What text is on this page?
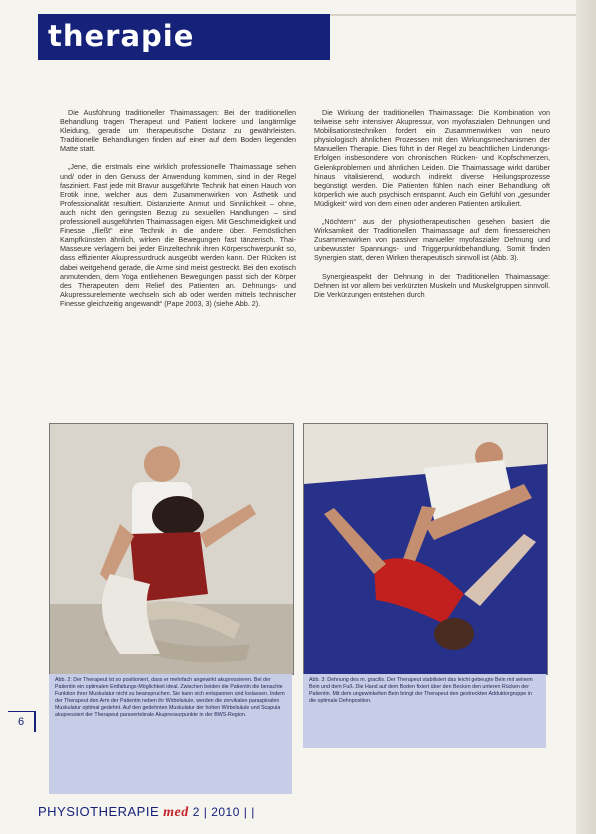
therapie

Die Ausführung traditioneller Thaimassagen: Bei der traditionellen Behandlung tragen Therapeut und Patient lockere und langärmlige Kleidung, gerade um therapeutische Distanz zu gewährleisten. Traditionelle Behandlungen finden auf einer auf dem Boden liegenden Matte statt.

„Jene, die erstmals eine wirklich professionelle Thaimassage sehen und/ oder in den Genuss der Anwendung kommen, sind in der Regel fasziniert. Fast jede mit Bravur ausgeführte Technik hat einen Hauch von Erotik inne, welcher aus dem Zusammenwirken von Ästhetik und Professionalität resultiert. Distanzierte Anmut und Sinnlichkeit – ohne, auch nicht den geringsten Bezug zu sexuellen Handlungen – sind professionell ausgeführten Thaimassagen eigen. Mit Geschmeidigkeit und Finesse „fließt“ eine Technik in die andere über. Fernöstlichen Kampfkünsten ähnlich, wirken die Bewegungen fast tänzerisch. Thai-Masseure verlagern bei jeder Einzeltechnik ihren Körperschwerpunkt so, dass effizienter Akupressurdruck ausgeübt werden kann. Der Rücken ist dabei weitgehend gerade, die Arme sind meist gestreckt. Bei den exotisch anmutenden, dem Yoga entliehenen Bewegungen passt sich der Körper des Therapeuten dem Relief des Patienten an. Dehnungs- und Akupressurelemente wechseln sich ab oder werden mittels technischer Finesse gleichzeitig angewandt“ (Pape 2003, 3) (siehe Abb. 2).

Die Wirkung der traditionellen Thaimassage: Die Kombination von teilweise sehr intensiver Akupressur, von myofaszialen Dehnungen und Mobilisationstechniken fordert ein Zusammenwirken von neuro physiologisch ähnlichen Prozessen mit den Wirkungsmechanismen der Manuellen Therapie. Dies führt in der Regel zu beachtlichen Linderungs-Erfolgen insbesondere von chronischen Rücken- und Kopfschmerzen, Gelenkproblemen und ähnlichen Leiden. Die Thaimassage wirkt darüber hinaus vitalisierend, wodurch indirekt diverse Heilungsprozesse begünstigt werden. Die Patienten fühlen nach einer Behandlung oft körperlich wie auch psychisch entspannt. Auch ein Gefühl von „gesunder Müdigkeit“ wird von dem einen oder anderen Patienten artikuliert.

„Nöchtern“ aus der physiotherapeutischen gesehen basiert die Wirksamkeit der Traditionellen Thaimassage auf dem finessereichen Zusammenwirken von passiver manueller myofaszialer Dehnung und unbewusster Spannungs- und Triggerpunktbehandlung. Somit finden Synergien statt, deren Wirken therapeutisch sinnvoll ist (Abb. 3).

Synergieaspekt der Dehnung in der Traditionellen Thaimassage: Dehnen ist vor allem bei verkürzten Muskeln und Muskelgruppen sinnvoll. Die Verkürzungen entstehen durch

Abb. 2: Der Therapeut ist so positioniert, dass er mehrfach angewirkt akupressieren. Bei der Patientin ein optimalen Entfaltungs-Möglichkeit ideal. Zwischen beiden die Patientin die benachte Funktion ihrer Muskulatur nicht zu beanspruchen. Sie kann sich entspannen und loslassen. Indem der Therapeut den Arm der Patientin neben ihr Wirbelsäule, werden die zervikalen paraspinalen Muskulatur optimal gedehnt. Auf den gedehnten Muskulatur der hohen Wirbelsäule und Scapula akupressiert der Therapeut paravertebrale Akupressurpunkte in der BWS-Region.
Abb. 3: Dehnung des m. gracilis. Der Therapeut stabilisiert das leicht gebeugte Bein mit seinem Bein und dem Fuß. Die Hand auf dem Boden fixiert über den Becken den unteren Rücken der Patientin. Mit dem ungewinkelten Bein bringt der Therapeut den gestreckten Adduktorgruppe in die optimale Dehnposition.
6
PHYSIOTHERAPIE med 2 | 2010 | |
